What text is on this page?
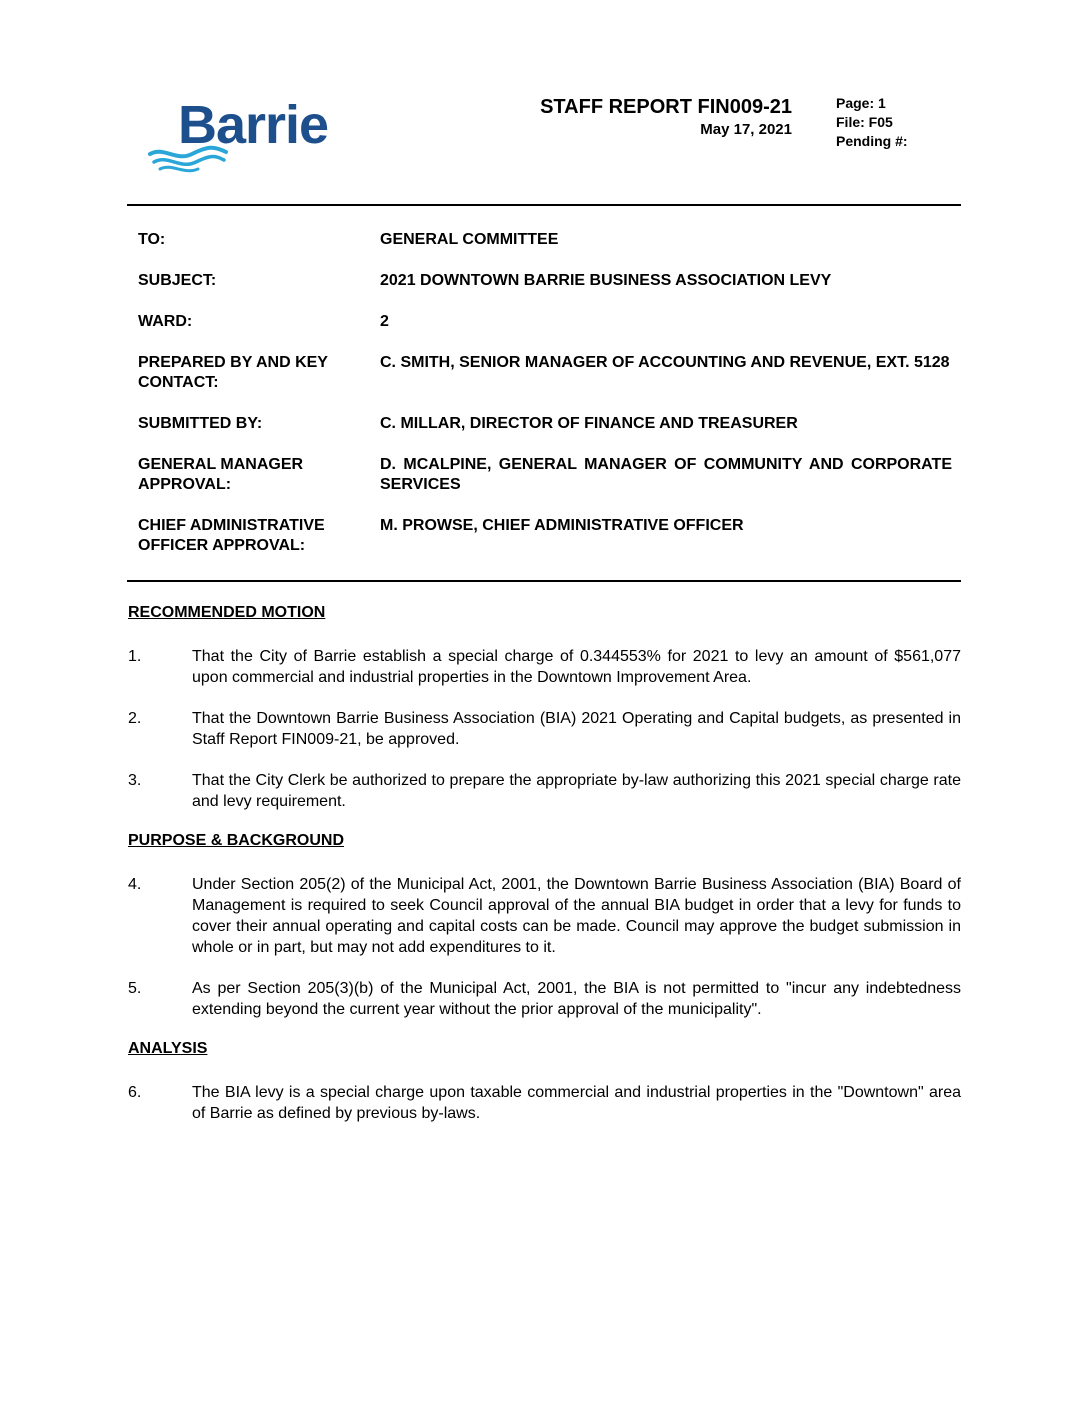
Barrie	STAFF REPORT FIN009-21
May 17, 2021
Page: 1
File: F05
Pending #:
TO:	GENERAL COMMITTEE
SUBJECT:	2021 DOWNTOWN BARRIE BUSINESS ASSOCIATION LEVY
WARD:	2
PREPARED BY AND KEY CONTACT:
C. SMITH, SENIOR MANAGER OF ACCOUNTING AND REVENUE, EXT. 5128
SUBMITTED BY:	C. MILLAR, DIRECTOR OF FINANCE AND TREASURER
GENERAL MANAGER APPROVAL:
D. MCALPINE, GENERAL MANAGER OF COMMUNITY AND CORPORATE SERVICES
CHIEF ADMINISTRATIVE OFFICER APPROVAL:
M. PROWSE, CHIEF ADMINISTRATIVE OFFICER
RECOMMENDED MOTION
1.	That the City of Barrie establish a special charge of 0.344553% for 2021 to levy an amount of $561,077 upon commercial and industrial properties in the Downtown Improvement Area.
2.	That the Downtown Barrie Business Association (BIA) 2021 Operating and Capital budgets, as presented in Staff Report FIN009-21, be approved.
3.	That the City Clerk be authorized to prepare the appropriate by-law authorizing this 2021 special charge rate and levy requirement.
PURPOSE & BACKGROUND
4.	Under Section 205(2) of the Municipal Act, 2001, the Downtown Barrie Business Association (BIA) Board of Management is required to seek Council approval of the annual BIA budget in order that a levy for funds to cover their annual operating and capital costs can be made. Council may approve the budget submission in whole or in part, but may not add expenditures to it.
5.	As per Section 205(3)(b) of the Municipal Act, 2001, the BIA is not permitted to "incur any indebtedness extending beyond the current year without the prior approval of the municipality".
ANALYSIS
6.	The BIA levy is a special charge upon taxable commercial and industrial properties in the "Downtown" area of Barrie as defined by previous by-laws.
